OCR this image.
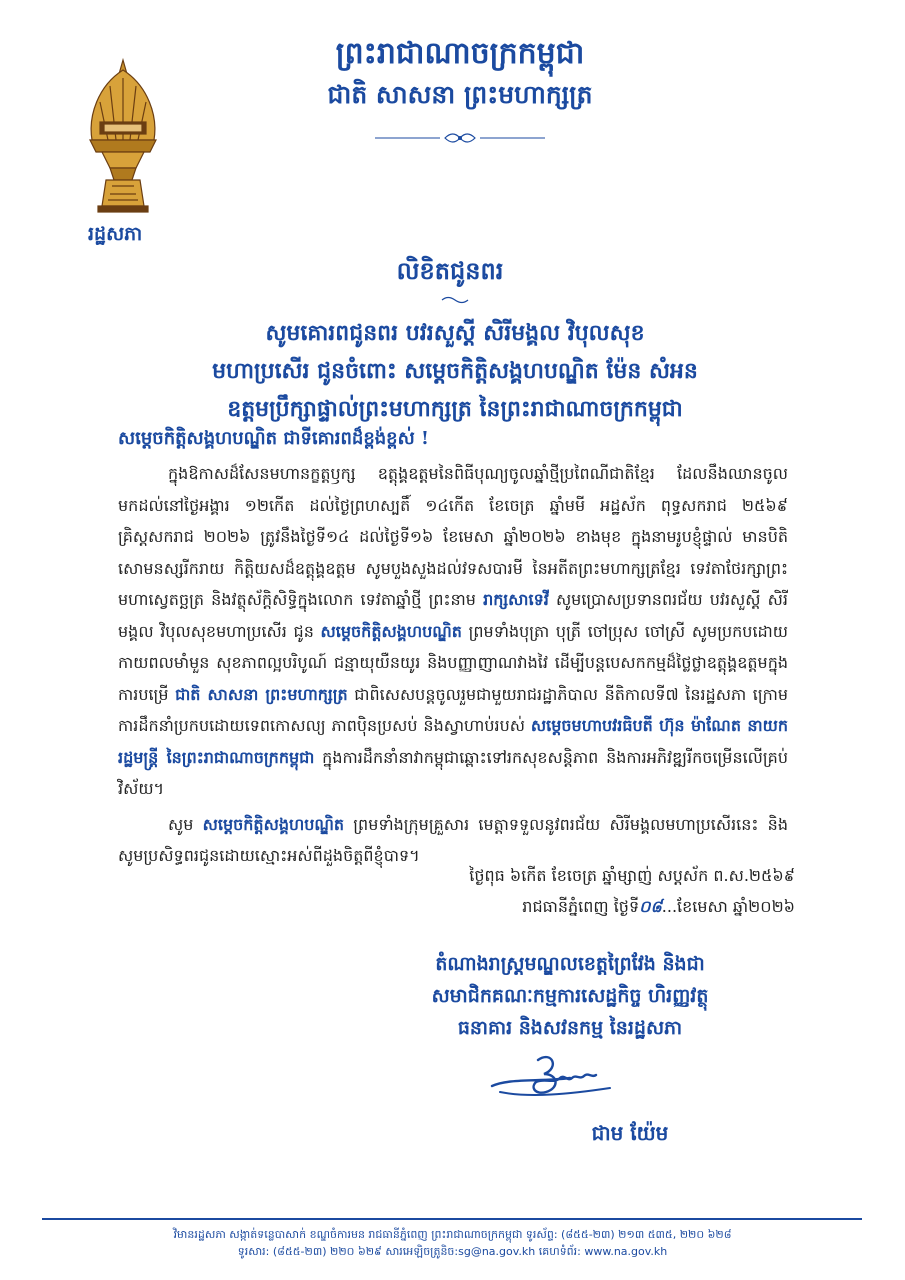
រដ្ឋសភា
ព្រះរាជាណាចក្រកម្ពុជា
ជាតិ សាសនា ព្រះមហាក្សត្រ
លិខិតជូនពរ
សូមគោរពជូនពរ បវរសួស្តី សិរីមង្គល វិបុលសុខ
មហាប្រសើរ ជូនចំពោះ សម្តេចកិត្តិសង្គហបណ្ឌិត ម៉ែន សំអន
ឧត្តមប្រឹក្សាផ្ទាល់ព្រះមហាក្សត្រ នៃព្រះរាជាណាចក្រកម្ពុជា
សម្តេចកិត្តិសង្គហបណ្ឌិត ជាទីគោរពដ៏ខ្ពង់ខ្ពស់ !

ក្នុងឱកាសដ៏សែនមហានក្ខត្តឫក្ស ឧត្តុង្គឧត្តមនៃពិធីបុណ្យចូលឆ្នាំថ្មីប្រពៃណីជាតិខ្មែរ ដែលនឹងឈានចូលមកដល់នៅថ្ងៃអង្គារ ១២កើត ដល់ថ្ងៃព្រហស្បតិ៍ ១៤កើត ខែចេត្រ ឆ្នាំមមី អដ្ឋស័ក ពុទ្ធសករាជ ២៥៦៩ គ្រិស្តសករាជ ២០២៦ ត្រូវនឹងថ្ងៃទី១៤ ដល់ថ្ងៃទី១៦ ខែមេសា ឆ្នាំ២០២៦ ខាងមុខ ក្នុងនាមរូបខ្ញុំផ្ទាល់ មានបិតិសោមនស្សរីករាយ កិត្តិយសដ៏ឧត្តុង្គឧត្តម សូមបួងសួងដល់វទសបារមី នៃអតីតព្រះមហាក្សត្រខ្មែរ ទេវតាថែរក្សាព្រះមហាស្វេតច្ឆត្រ និងវត្ថុស័ក្តិសិទ្ធិក្នុងលោក ទេវតាឆ្នាំថ្មី ព្រះនាម រាក្សសាទេវី សូមប្រោសប្រទានពរជ័យ បវរសួស្តី សិរីមង្គល វិបុលសុខមហាប្រសើរ ជូន សម្តេចកិត្តិសង្គហបណ្ឌិត ព្រមទាំងបុត្រា បុត្រី ចៅប្រុស ចៅស្រី សូមប្រកបដោយកាយពលមាំមួន សុខភាពល្អបរិបូណ៍ ជន្មាយុយឺនយូរ និងបញ្ញាញាណវាងវៃ ដើម្បីបន្តបេសកកម្មដ៏ថ្លៃថ្លាឧត្តុង្គឧត្តមក្នុងការបម្រើ ជាតិ សាសនា ព្រះមហាក្សត្រ ជាពិសេសបន្តចូលរួមជាមួយរាជរដ្ឋាភិបាល នីតិកាលទី៧ នៃរដ្ឋសភា ក្រោមការដឹកនាំប្រកបដោយទេពកោសល្យ ភាពប៉ិនប្រសប់ និងស្វាហាប់របស់ សម្តេចមហាបវរធិបតី ហ៊ុន ម៉ាណែត នាយករដ្ឋមន្ត្រី នៃព្រះរាជាណាចក្រកម្ពុជា ក្នុងការដឹកនាំនាវាកម្ពុជាឆ្ពោះទៅរកសុខសន្តិភាព និងការអភិវឌ្ឍរីកចម្រើនលើគ្រប់វិស័យ។

សូម សម្តេចកិត្តិសង្គហបណ្ឌិត ព្រមទាំងក្រុមគ្រួសារ មេត្តាទទួលនូវពរជ័យ សិរីមង្គលមហាប្រសើរនេះ និងសូមប្រសិទ្ធពរជូនដោយស្មោះអស់ពីដួងចិត្តពីខ្ញុំបាទ។

ថ្ងៃពុធ ៦កើត ខែចេត្រ ឆ្នាំម្សាញ់ សប្តស័ក ព.ស.២៥៦៩
រាជធានីភ្នំពេញ ថ្ងៃទី០៨...ខែមេសា ឆ្នាំ២០២៦
តំណាងរាស្ត្រមណ្ឌលខេត្តព្រៃវែង និងជា
សមាជិកគណៈកម្មការសេដ្ឋកិច្ច ហិរញ្ញវត្ថុ
ធនាគារ និងសវនកម្ម នៃរដ្ឋសភា
ជាម យ៉ែម
វិមានរដ្ឋសភា សង្កាត់ទន្លេបាសាក់ ខណ្ឌចំការមន រាជធានីភ្នំពេញ ព្រះរាជាណាចក្រកម្ពុជា ទូរស័ព្ទ: (៨៥៥-២៣) ២១៣ ៥៣៥, ២២០ ៦២៨
ទូរសារ: (៨៥៥-២៣) ២២០ ៦២៩ សារអេឡិចត្រូនិច:sg@na.gov.kh គេហទំព័រ: www.na.gov.kh
